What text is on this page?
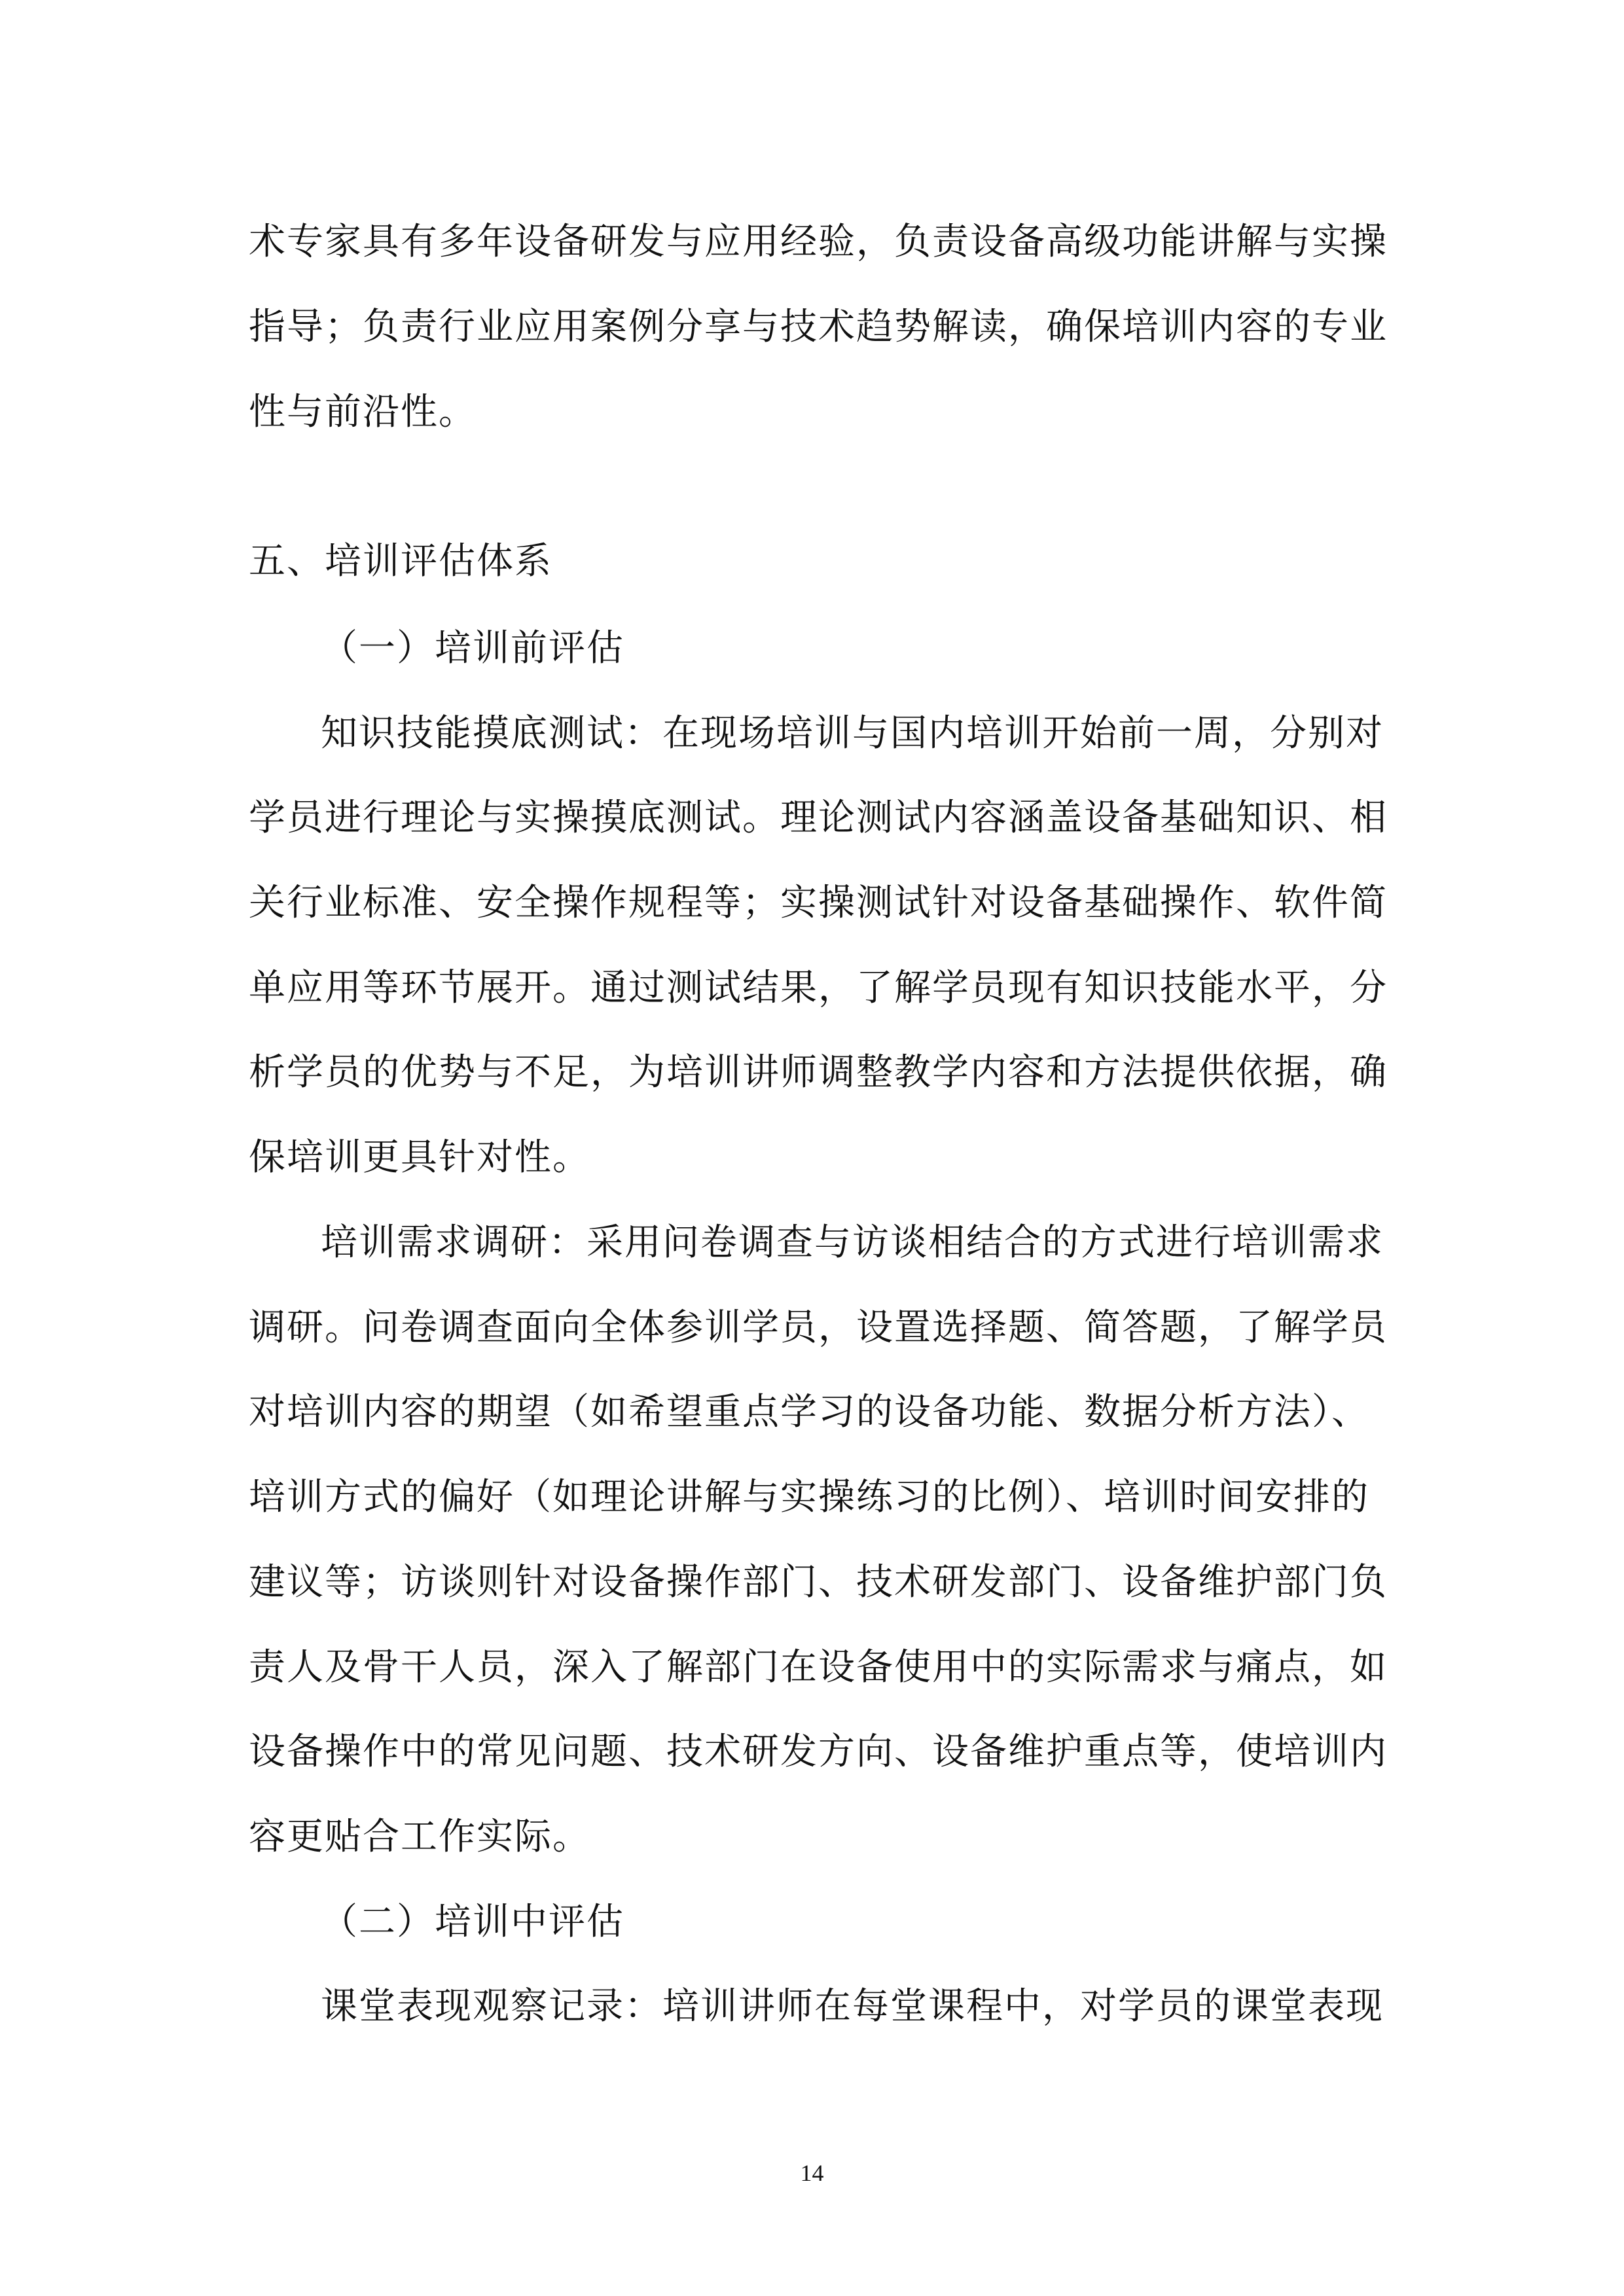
术专家具有多年设备研发与应用经验，负责设备高级功能讲解与实操
指导；负责行业应用案例分享与技术趋势解读，确保培训内容的专业
性与前沿性。
五、培训评估体系
（一）培训前评估
知识技能摸底测试：在现场培训与国内培训开始前一周，分别对
学员进行理论与实操摸底测试。理论测试内容涵盖设备基础知识、相
关行业标准、安全操作规程等；实操测试针对设备基础操作、软件简
单应用等环节展开。通过测试结果，了解学员现有知识技能水平，分
析学员的优势与不足，为培训讲师调整教学内容和方法提供依据，确
保培训更具针对性。
培训需求调研：采用问卷调查与访谈相结合的方式进行培训需求
调研。问卷调查面向全体参训学员，设置选择题、简答题，了解学员
对培训内容的期望（如希望重点学习的设备功能、数据分析方法）、
培训方式的偏好（如理论讲解与实操练习的比例）、培训时间安排的
建议等；访谈则针对设备操作部门、技术研发部门、设备维护部门负
责人及骨干人员，深入了解部门在设备使用中的实际需求与痛点，如
设备操作中的常见问题、技术研发方向、设备维护重点等，使培训内
容更贴合工作实际。
（二）培训中评估
课堂表现观察记录：培训讲师在每堂课程中，对学员的课堂表现
14
